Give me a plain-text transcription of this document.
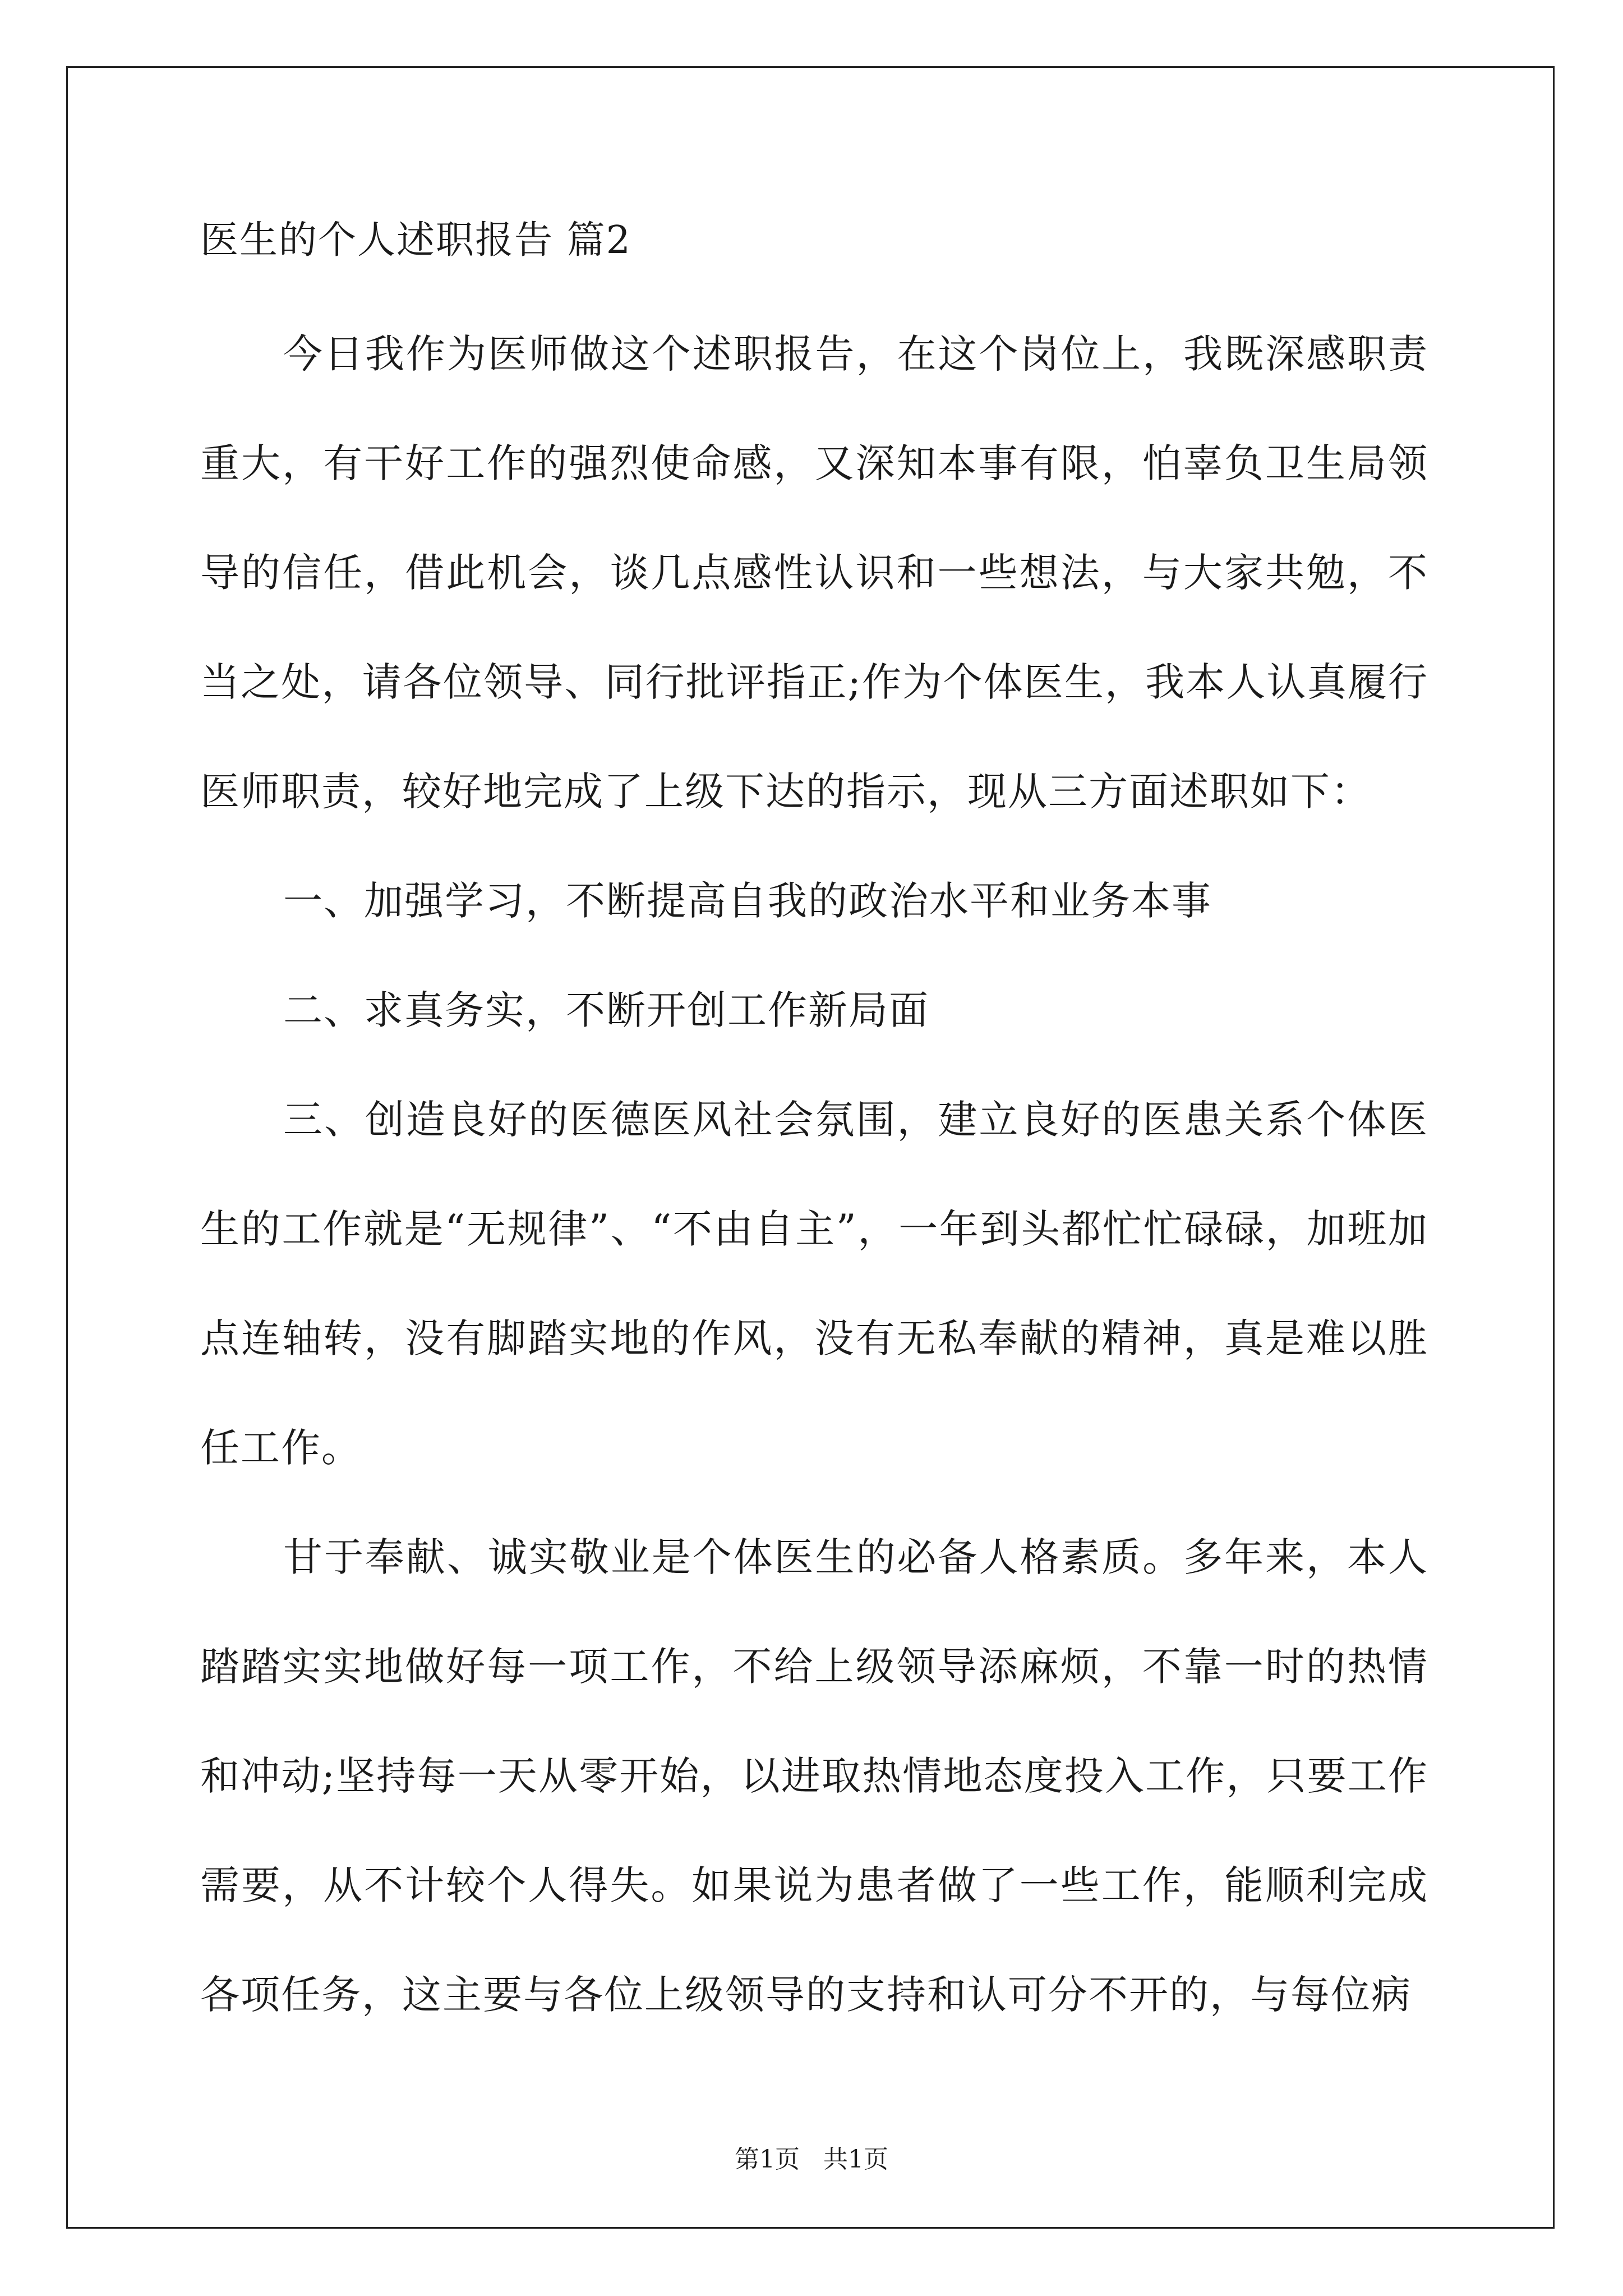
医生的个人述职报告 篇2

今日我作为医师做这个述职报告，在这个岗位上，我既深感职责重大，有干好工作的强烈使命感，又深知本事有限，怕辜负卫生局领导的信任，借此机会，谈几点感性认识和一些想法，与大家共勉，不当之处，请各位领导、同行批评指正;作为个体医生，我本人认真履行医师职责，较好地完成了上级下达的指示，现从三方面述职如下：

一、加强学习，不断提高自我的政治水平和业务本事

二、求真务实，不断开创工作新局面

三、创造良好的医德医风社会氛围，建立良好的医患关系个体医生的工作就是“无规律”、“不由自主”，一年到头都忙忙碌碌，加班加点连轴转，没有脚踏实地的作风，没有无私奉献的精神，真是难以胜任工作。

甘于奉献、诚实敬业是个体医生的必备人格素质。多年来，本人踏踏实实地做好每一项工作，不给上级领导添麻烦，不靠一时的热情和冲动;坚持每一天从零开始，以进取热情地态度投入工作，只要工作需要，从不计较个人得失。如果说为患者做了一些工作，能顺利完成各项任务，这主要与各位上级领导的支持和认可分不开的，与每位病

第1页   共1页
